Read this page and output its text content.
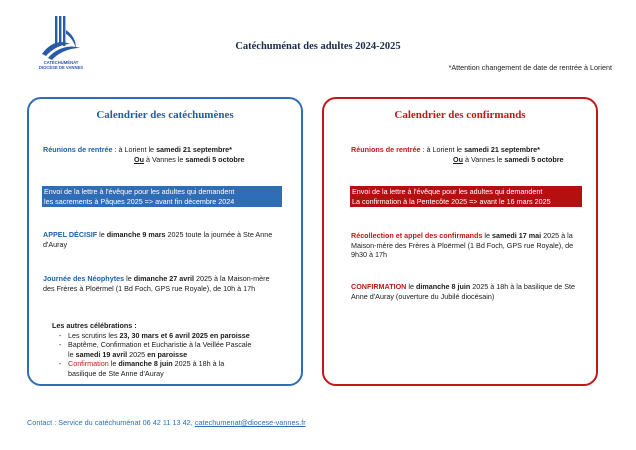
CATÉCHUMÉNAT
DIOCÈSE DE VANNES
Catéchuménat des adultes 2024-2025
*Attention changement de date de rentrée à Lorient
Calendrier des catéchumènes
Réunions de rentrée : à Lorient le samedi 21 septembre*
Ou à Vannes le samedi 5 octobre
Envoi de la lettre à l'évêque pour les adultes qui demandent
les sacrements à Pâques 2025 => avant fin décembre 2024
APPEL DÉCISIF le dimanche 9 mars 2025 toute la journée à Ste Anne d'Auray
Journée des Néophytes le dimanche 27 avril 2025 à la Maison-mère des Frères à Ploërmel (1 Bd Foch, GPS rue Royale), de 10h à 17h
Les autres célébrations :
- Les scrutins les 23, 30 mars et 6 avril 2025 en paroisse
- Baptême, Confirmation et Eucharistie à la Veillée Pascale le samedi 19 avril 2025 en paroisse
- Confirmation le dimanche 8 juin 2025 à 18h à la basilique de Ste Anne d'Auray
Calendrier des confirmands
Réunions de rentrée : à Lorient le samedi 21 septembre*
Ou à Vannes le samedi 5 octobre
Envoi de la lettre à l'évêque pour les adultes qui demandent
La confirmation à la Pentecôte 2025 => avant le 16 mars 2025
Récollection et appel des confirmands le samedi 17 mai 2025 à la Maison-mère des Frères à Ploërmel (1 Bd Foch, GPS rue Royale), de 9h30 à 17h
CONFIRMATION le dimanche 8 juin 2025 à 18h à la basilique de Ste Anne d'Auray (ouverture du Jubilé diocésain)
Contact : Service du catéchuménat 06 42 11 13 42, catechumenat@diocese-vannes.fr
